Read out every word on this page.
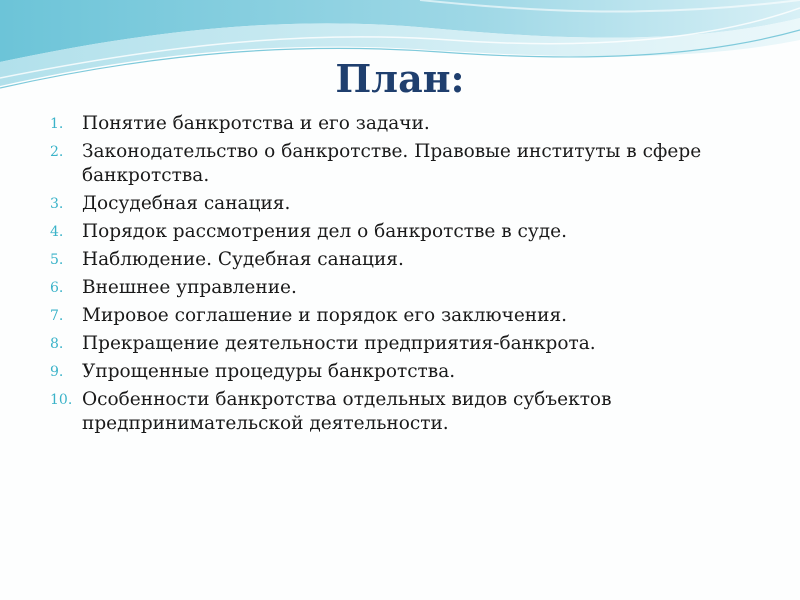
План:
1.	Понятие банкротства и его задачи.
2.	Законодательство о банкротстве. Правовые институты в сфере банкротства.
3.	Досудебная санация.
4.	Порядок рассмотрения дел о банкротстве в суде.
5.	Наблюдение. Судебная санация.
6.	Внешнее управление.
7.	Мировое соглашение и порядок его заключения.
8.	Прекращение деятельности предприятия-банкрота.
9.	Упрощенные процедуры банкротства.
10. Особенности банкротства отдельных видов субъектов предпринимательской деятельности.
